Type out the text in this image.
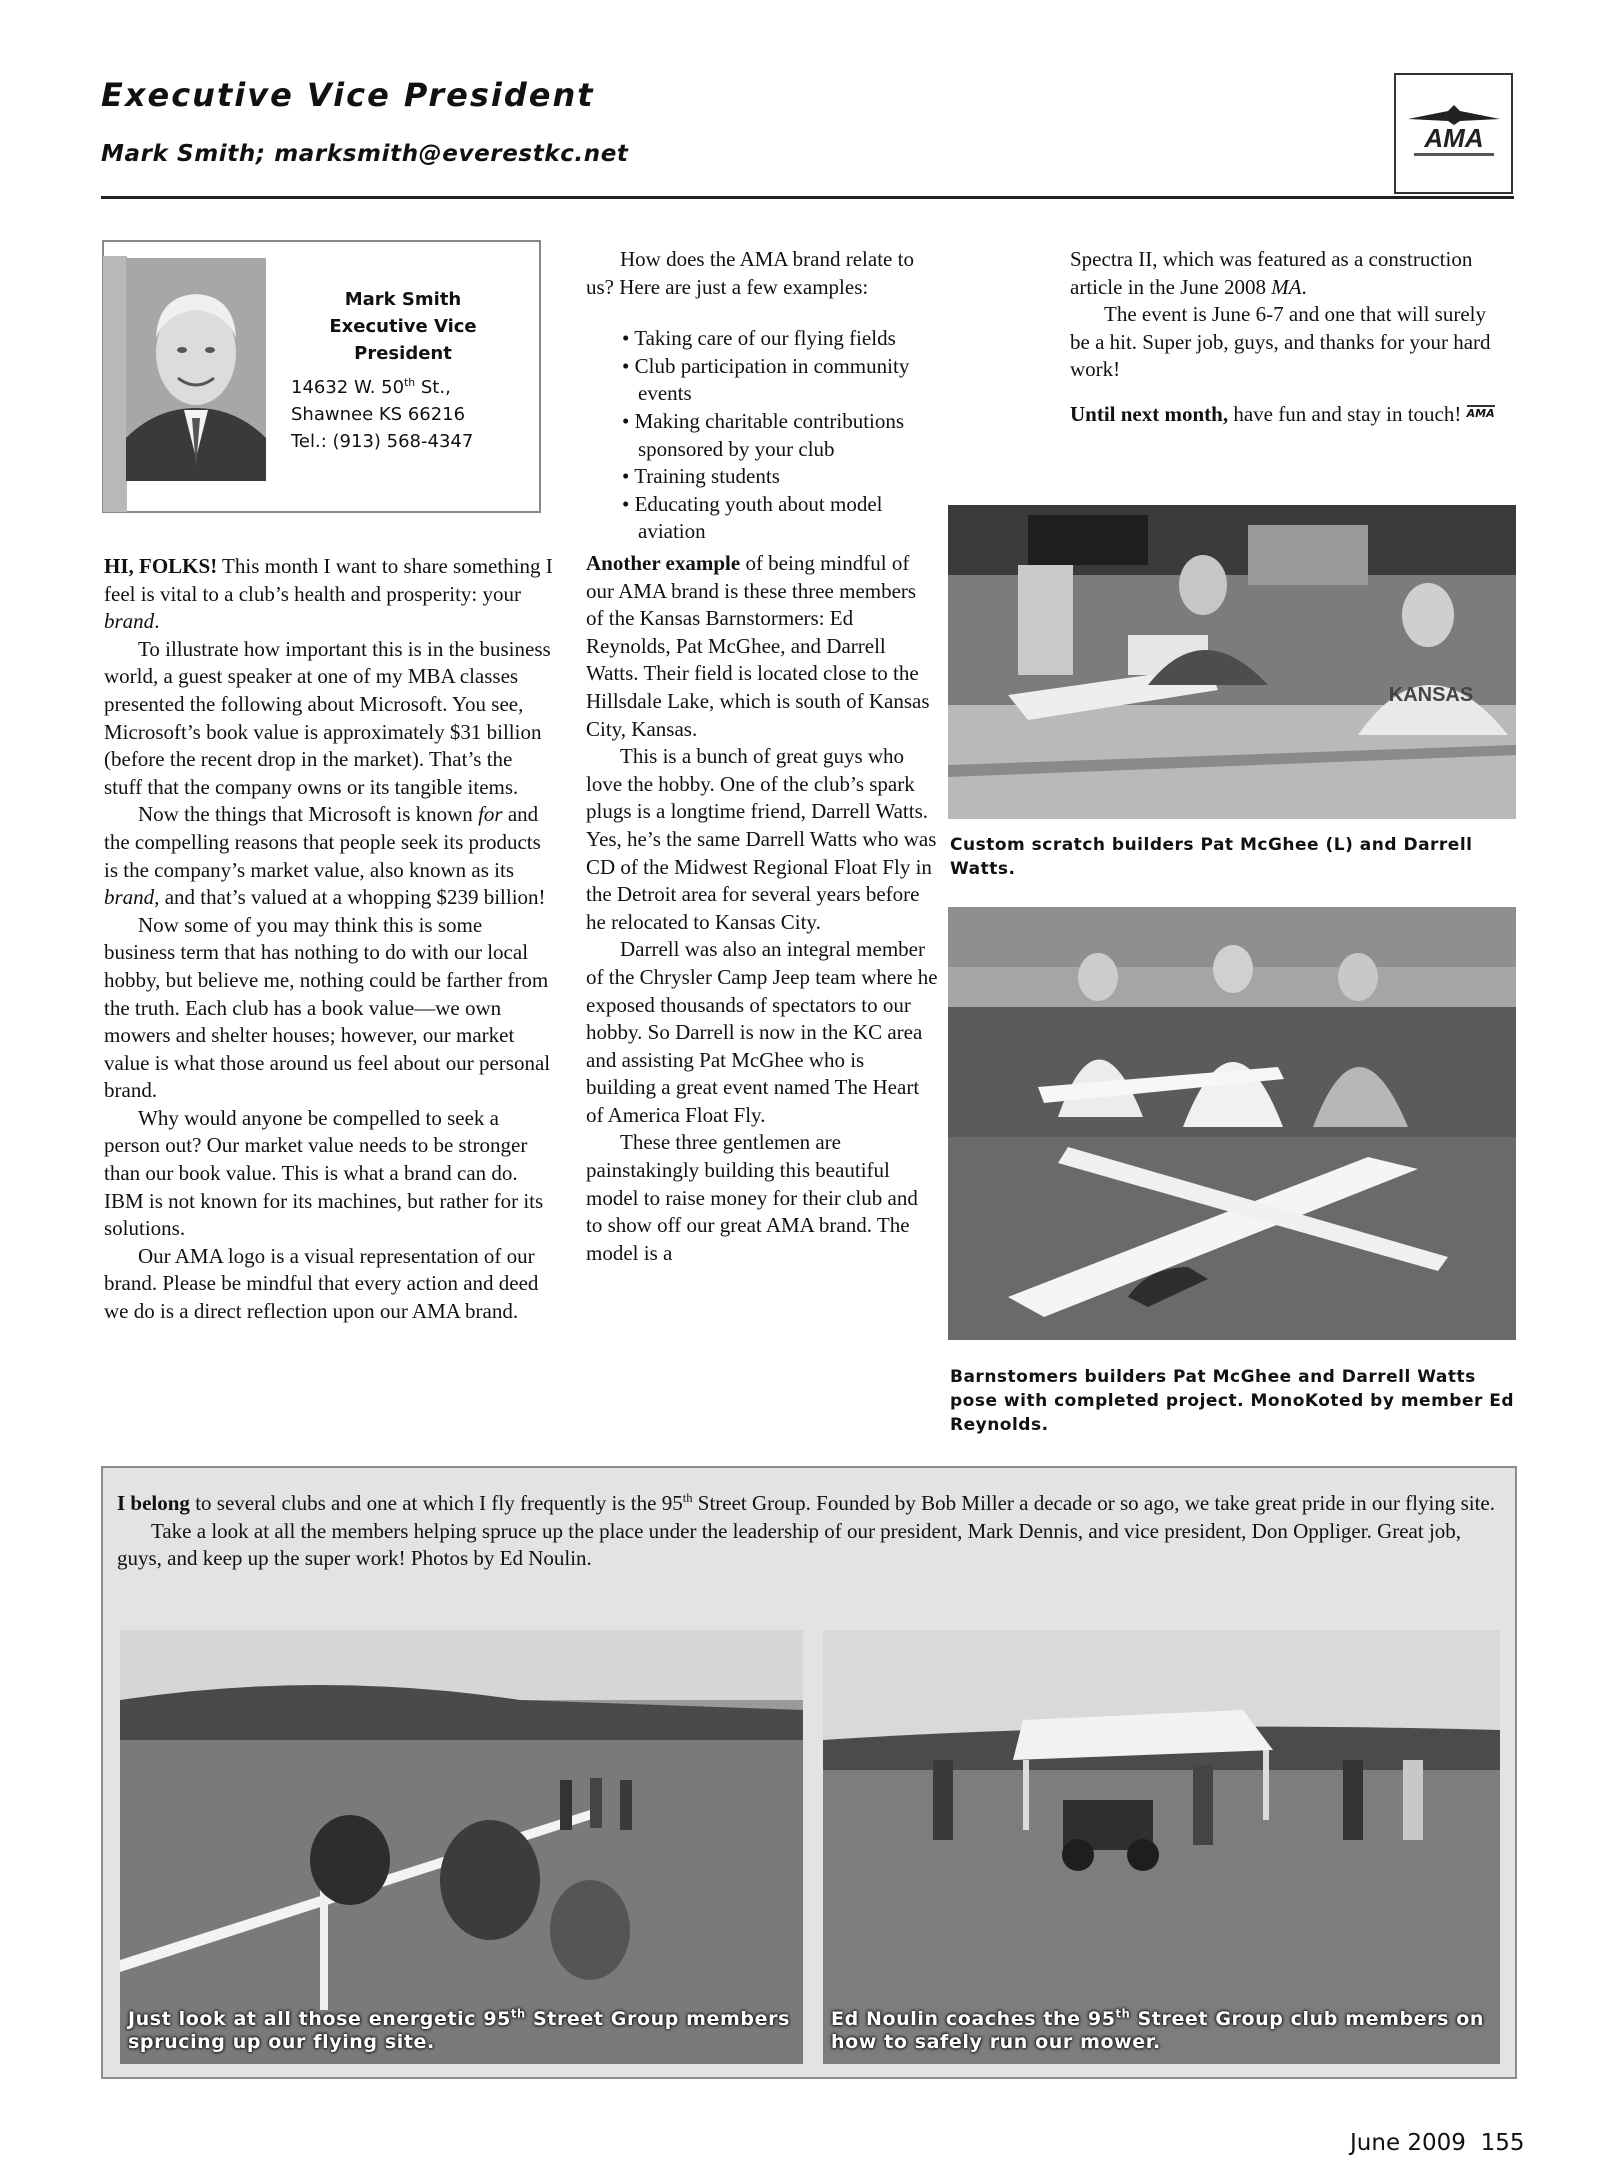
Executive Vice President
Mark Smith; marksmith@everestkc.net
AMA
Mark Smith
Executive Vice
President
14632 W. 50th St.,
Shawnee KS 66216
Tel.: (913) 568-4347

HI, FOLKS! This month I want to share something I feel is vital to a club’s health and prosperity: your brand.

To illustrate how important this is in the business world, a guest speaker at one of my MBA classes presented the following about Microsoft. You see, Microsoft’s book value is approximately $31 billion (before the recent drop in the market). That’s the stuff that the company owns or its tangible items.

Now the things that Microsoft is known for and the compelling reasons that people seek its products is the company’s market value, also known as its brand, and that’s valued at a whopping $239 billion!

Now some of you may think this is some business term that has nothing to do with our local hobby, but believe me, nothing could be farther from the truth. Each club has a book value—we own mowers and shelter houses; however, our market value is what those around us feel about our personal brand.

Why would anyone be compelled to seek a person out? Our market value needs to be stronger than our book value. This is what a brand can do. IBM is not known for its machines, but rather for its solutions.

Our AMA logo is a visual representation of our brand. Please be mindful that every action and deed we do is a direct reflection upon our AMA brand.

How does the AMA brand relate to us? Here are just a few examples:

• Taking care of our flying fields
• Club participation in community events
• Making charitable contributions sponsored by your club
• Training students
• Educating youth about model aviation

Another example of being mindful of our AMA brand is these three members of the Kansas Barnstormers: Ed Reynolds, Pat McGhee, and Darrell Watts. Their field is located close to the Hillsdale Lake, which is south of Kansas City, Kansas.

This is a bunch of great guys who love the hobby. One of the club’s spark plugs is a longtime friend, Darrell Watts. Yes, he’s the same Darrell Watts who was CD of the Midwest Regional Float Fly in the Detroit area for several years before he relocated to Kansas City.

Darrell was also an integral member of the Chrysler Camp Jeep team where he exposed thousands of spectators to our hobby. So Darrell is now in the KC area and assisting Pat McGhee who is building a great event named The Heart of America Float Fly.

These three gentlemen are painstakingly building this beautiful model to raise money for their club and to show off our great AMA brand. The model is a

Spectra II, which was featured as a construction article in the June 2008 MA.

The event is June 6-7 and one that will surely be a hit. Super job, guys, and thanks for your hard work!

Until next month, have fun and stay in touch! AMA

KANSAS
Custom scratch builders Pat McGhee (L) and Darrell Watts.
Barnstomers builders Pat McGhee and Darrell Watts pose with completed project. MonoKoted by member Ed Reynolds.

I belong to several clubs and one at which I fly frequently is the 95th Street Group. Founded by Bob Miller a decade or so ago, we take great pride in our flying site.

Take a look at all the members helping spruce up the place under the leadership of our president, Mark Dennis, and vice president, Don Oppliger. Great job, guys, and keep up the super work! Photos by Ed Noulin.

Just look at all those energetic 95th Street Group members sprucing up our flying site.
Ed Noulin coaches the 95th Street Group club members on how to safely run our mower.
June 2009 155
